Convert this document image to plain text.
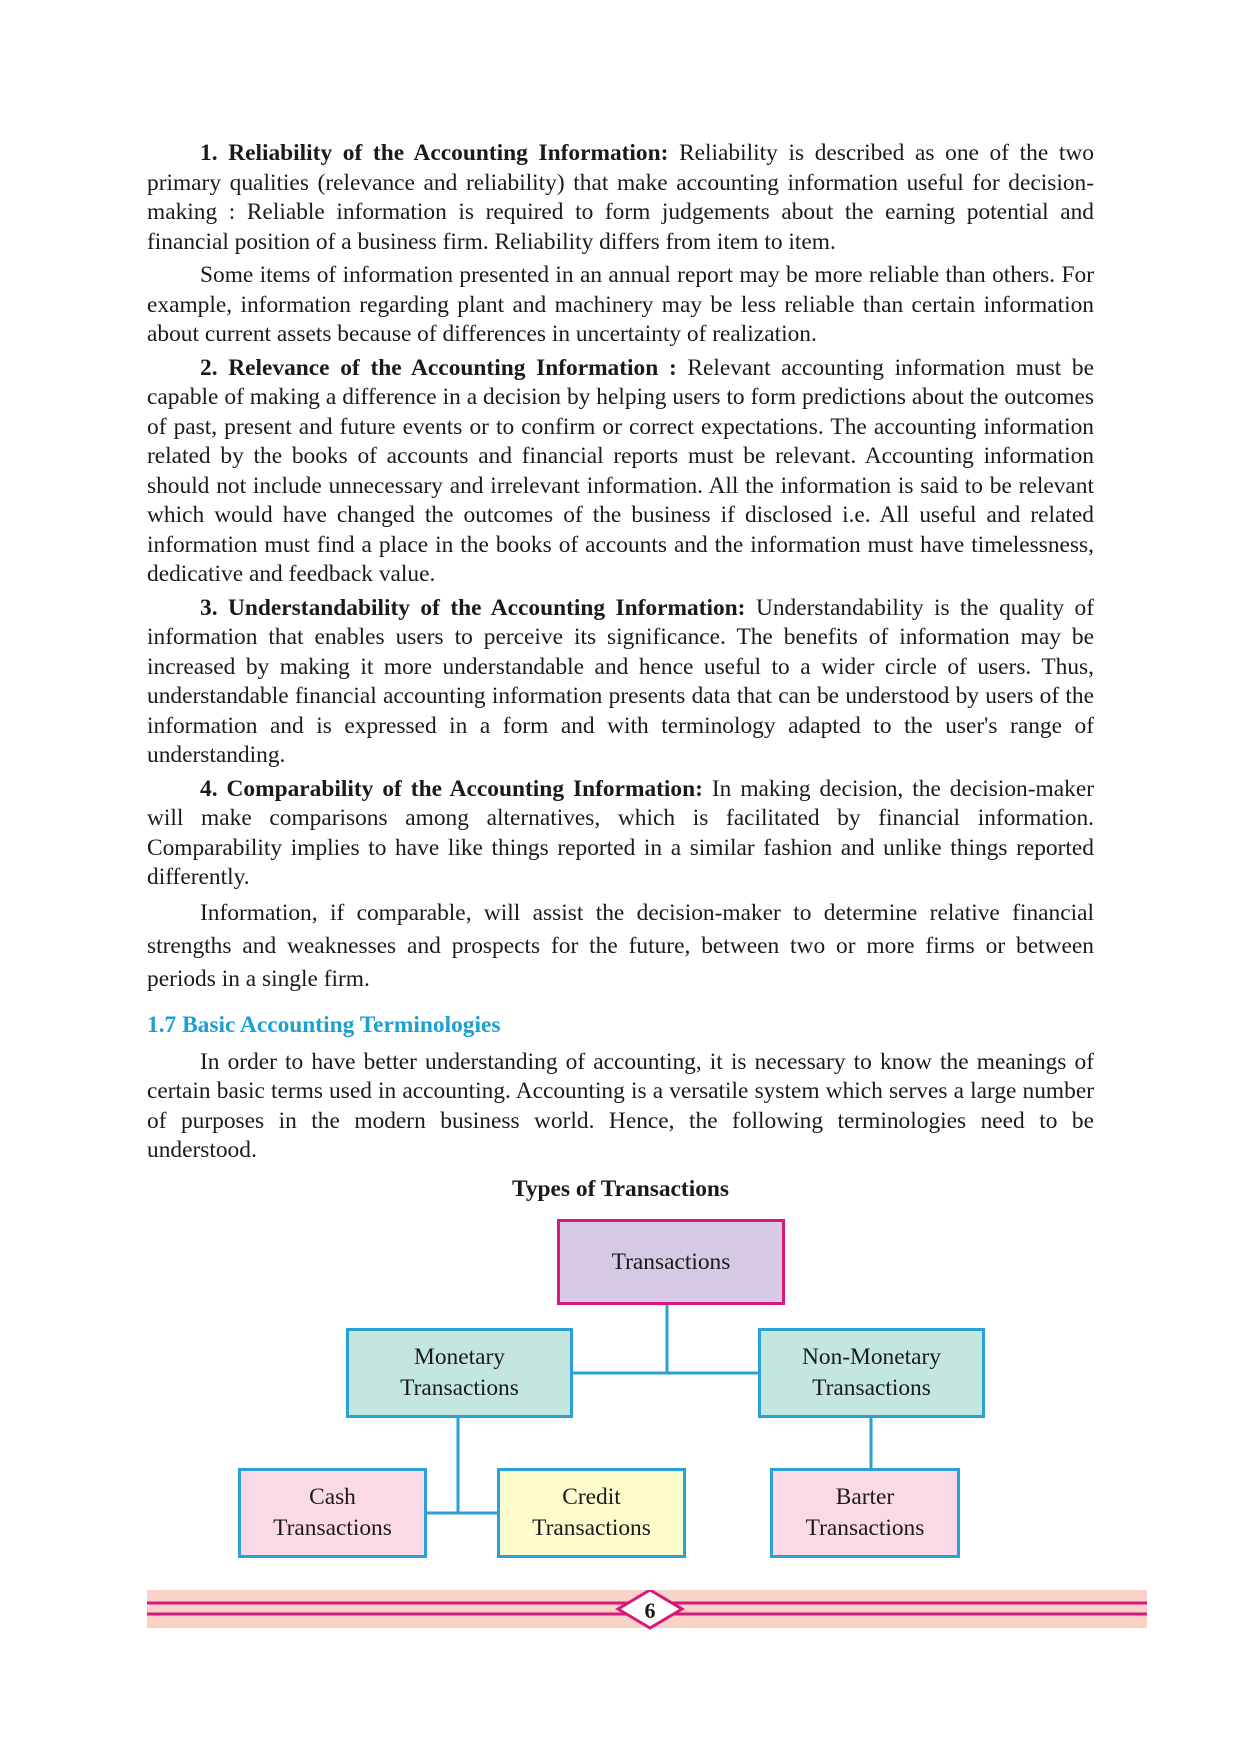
1. Reliability of the Accounting Information: Reliability is described as one of the two primary qualities (relevance and reliability) that make accounting information useful for decision-making : Reliable information is required to form judgements about the earning potential and financial position of a business firm. Reliability differs from item to item.

Some items of information presented in an annual report may be more reliable than others. For example, information regarding plant and machinery may be less reliable than certain information about current assets because of differences in uncertainty of realization.

2. Relevance of the Accounting Information : Relevant accounting information must be capable of making a difference in a decision by helping users to form predictions about the outcomes of past, present and future events or to confirm or correct expectations. The accounting information related by the books of accounts and financial reports must be relevant. Accounting information should not include unnecessary and irrelevant information. All the information is said to be relevant which would have changed the outcomes of the business if disclosed i.e. All useful and related information must find a place in the books of accounts and the information must have timelessness, dedicative and feedback value.

3. Understandability of the Accounting Information: Understandability is the quality of information that enables users to perceive its significance. The benefits of information may be increased by making it more understandable and hence useful to a wider circle of users. Thus, understandable financial accounting information presents data that can be understood by users of the information and is expressed in a form and with terminology adapted to the user's range of understanding.

4. Comparability of the Accounting Information: In making decision, the decision-maker will make comparisons among alternatives, which is facilitated by financial information. Comparability implies to have like things reported in a similar fashion and unlike things reported differently.

Information, if comparable, will assist the decision-maker to determine relative financial strengths and weaknesses and prospects for the future, between two or more firms or between periods in a single firm.

1.7 Basic Accounting Terminologies

In order to have better understanding of accounting, it is necessary to know the meanings of certain basic terms used in accounting. Accounting is a versatile system which serves a large number of purposes in the modern business world. Hence, the following terminologies need to be understood.

Types of Transactions
Transactions
Monetary
Transactions
Non-Monetary
Transactions
Cash
Transactions
Credit
Transactions
Barter
Transactions
6
